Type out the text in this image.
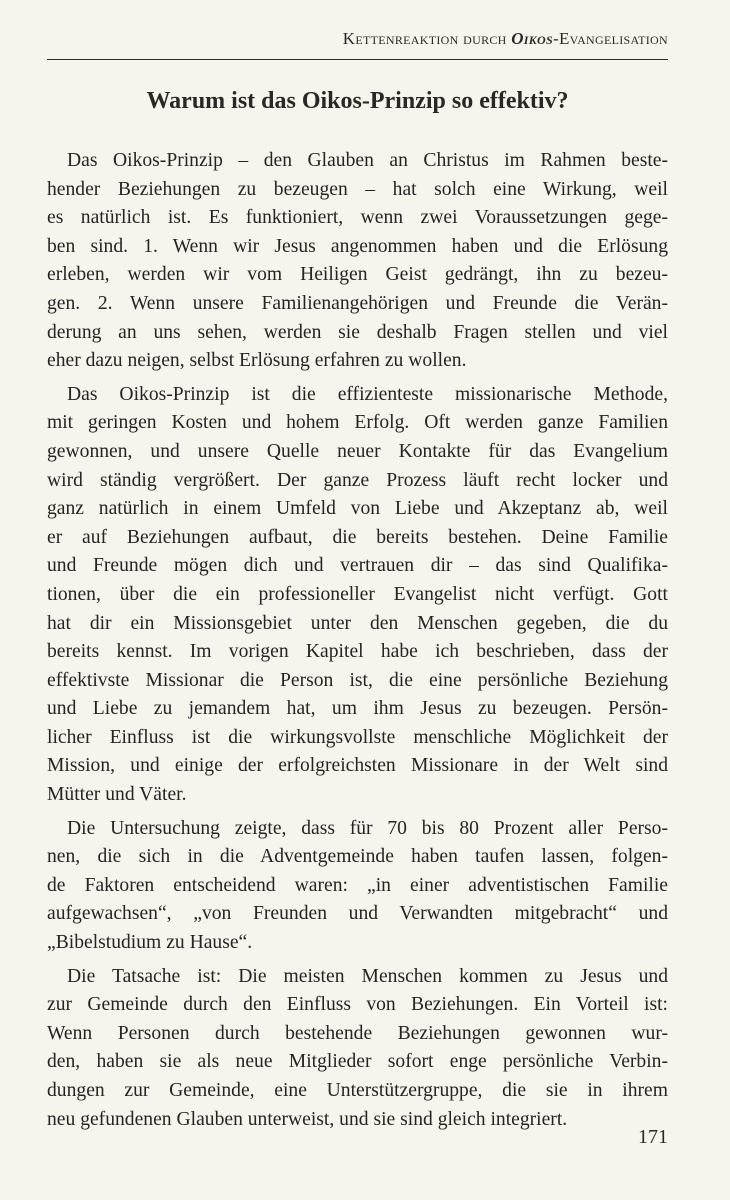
Kettenreaktion durch Oikos-Evangelisation
Warum ist das Oikos-Prinzip so effektiv?

Das Oikos-Prinzip – den Glauben an Christus im Rahmen beste-
hender Beziehungen zu bezeugen – hat solch eine Wirkung, weil
es natürlich ist. Es funktioniert, wenn zwei Voraussetzungen gege-
ben sind. 1. Wenn wir Jesus angenommen haben und die Erlösung
erleben, werden wir vom Heiligen Geist gedrängt, ihn zu bezeu-
gen. 2. Wenn unsere Familienangehörigen und Freunde die Verän-
derung an uns sehen, werden sie deshalb Fragen stellen und viel
eher dazu neigen, selbst Erlösung erfahren zu wollen.

Das Oikos-Prinzip ist die effizienteste missionarische Methode,
mit geringen Kosten und hohem Erfolg. Oft werden ganze Familien
gewonnen, und unsere Quelle neuer Kontakte für das Evangelium
wird ständig vergrößert. Der ganze Prozess läuft recht locker und
ganz natürlich in einem Umfeld von Liebe und Akzeptanz ab, weil
er auf Beziehungen aufbaut, die bereits bestehen. Deine Familie
und Freunde mögen dich und vertrauen dir – das sind Qualifika-
tionen, über die ein professioneller Evangelist nicht verfügt. Gott
hat dir ein Missionsgebiet unter den Menschen gegeben, die du
bereits kennst. Im vorigen Kapitel habe ich beschrieben, dass der
effektivste Missionar die Person ist, die eine persönliche Beziehung
und Liebe zu jemandem hat, um ihm Jesus zu bezeugen. Persön-
licher Einfluss ist die wirkungsvollste menschliche Möglichkeit der
Mission, und einige der erfolgreichsten Missionare in der Welt sind
Mütter und Väter.

Die Untersuchung zeigte, dass für 70 bis 80 Prozent aller Perso-
nen, die sich in die Adventgemeinde haben taufen lassen, folgen-
de Faktoren entscheidend waren: „in einer adventistischen Familie
aufgewachsen“, „von Freunden und Verwandten mitgebracht“ und
„Bibelstudium zu Hause“.

Die Tatsache ist: Die meisten Menschen kommen zu Jesus und
zur Gemeinde durch den Einfluss von Beziehungen. Ein Vorteil ist:
Wenn Personen durch bestehende Beziehungen gewonnen wur-
den, haben sie als neue Mitglieder sofort enge persönliche Verbin-
dungen zur Gemeinde, eine Unterstützergruppe, die sie in ihrem
neu gefundenen Glauben unterweist, und sie sind gleich integriert.

171
